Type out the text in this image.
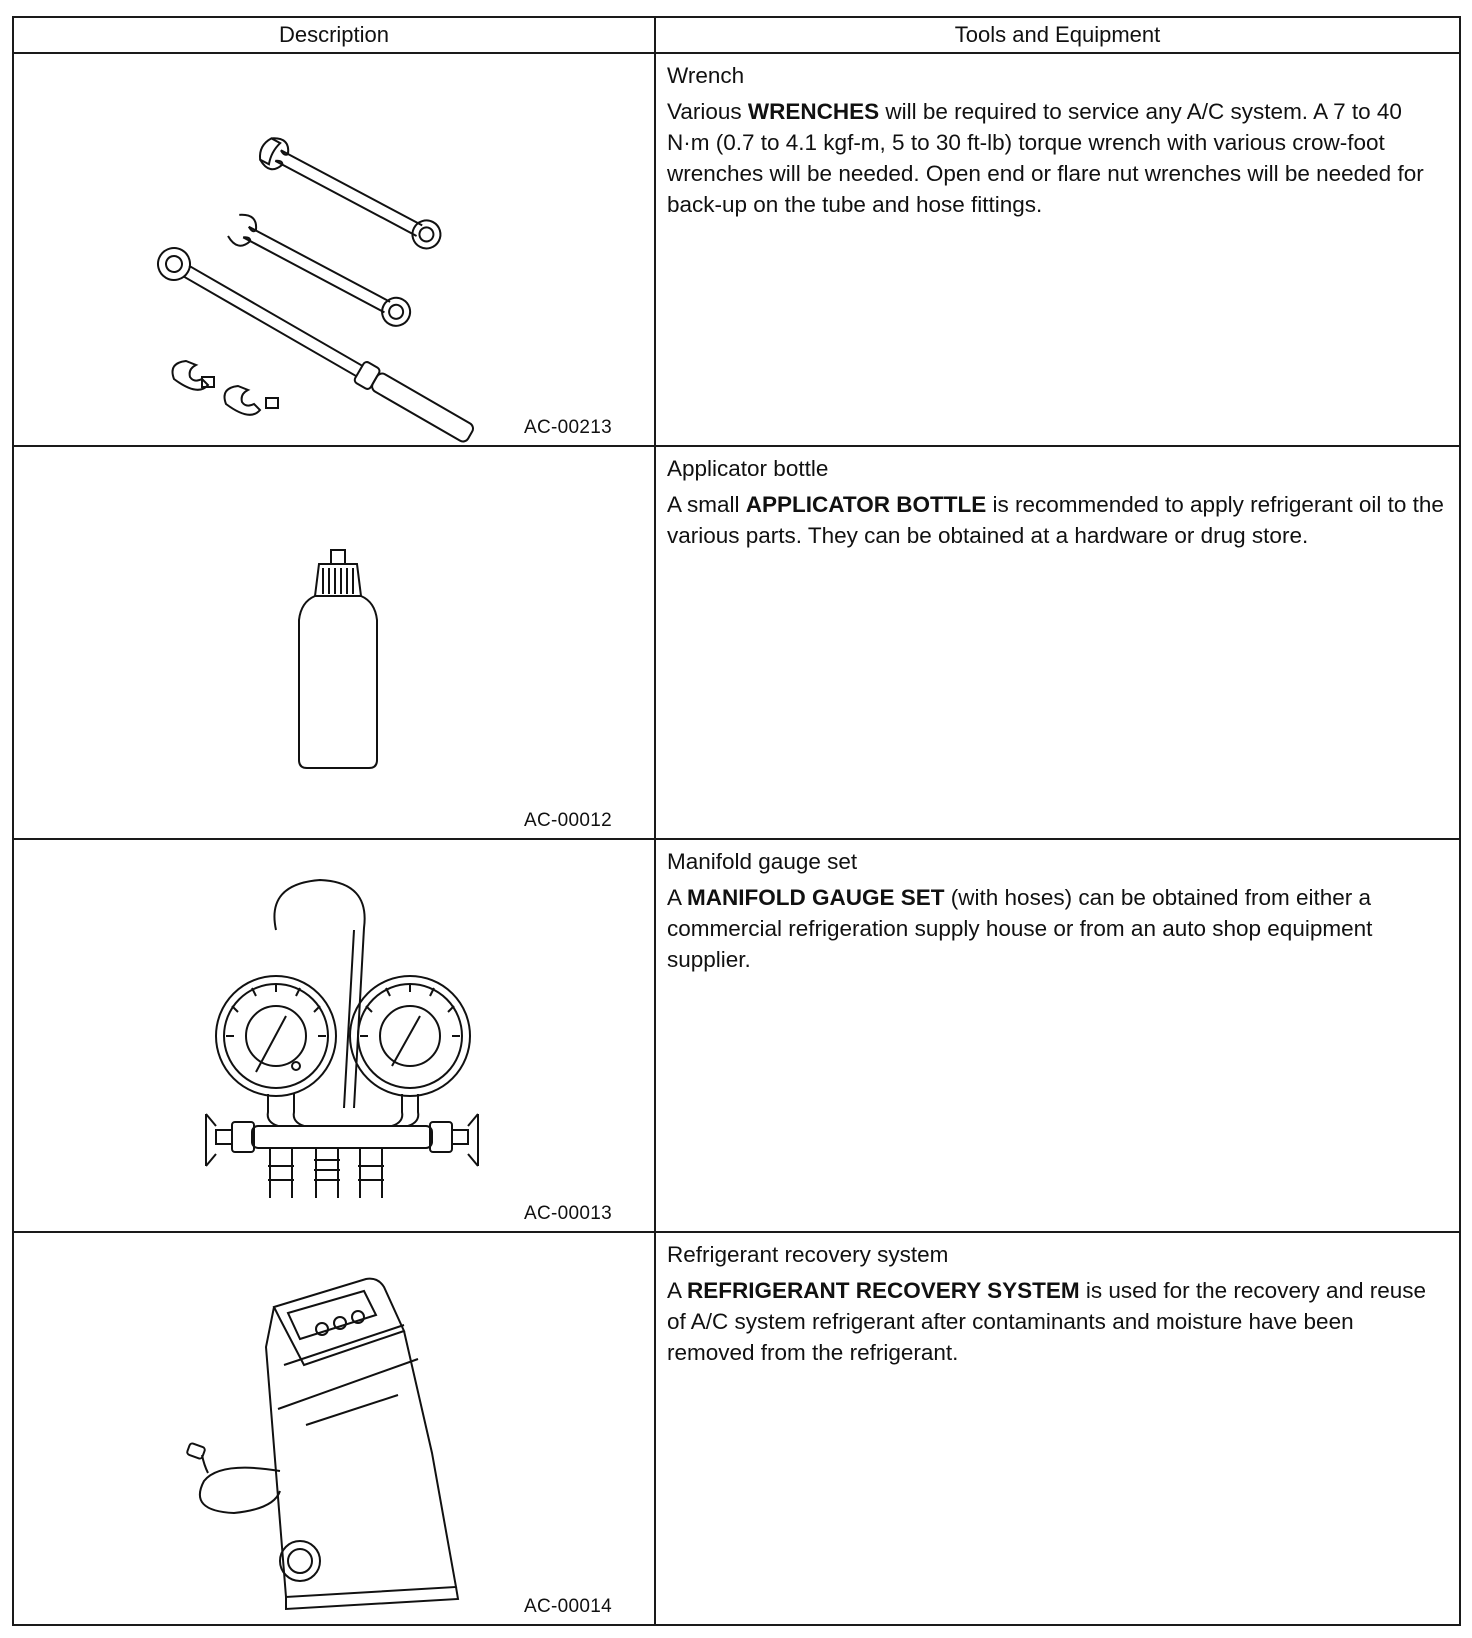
Description	Tools and Equipment

AC-00213	Wrench

Various WRENCHES will be required to service any A/C system. A 7 to 40 N·m (0.7 to 4.1 kgf-m, 5 to 30 ft-lb) torque wrench with various crow-foot wrenches will be needed. Open end or flare nut wrenches will be needed for back-up on the tube and hose fittings.

AC-00012	Applicator bottle

A small APPLICATOR BOTTLE is recommended to apply refrigerant oil to the various parts. They can be obtained at a hardware or drug store.

AC-00013	Manifold gauge set

A MANIFOLD GAUGE SET (with hoses) can be obtained from either a commercial refrigeration supply house or from an auto shop equipment supplier.

AC-00014	Refrigerant recovery system

A REFRIGERANT RECOVERY SYSTEM is used for the recovery and reuse of A/C system refrigerant after contaminants and moisture have been removed from the refrigerant.
